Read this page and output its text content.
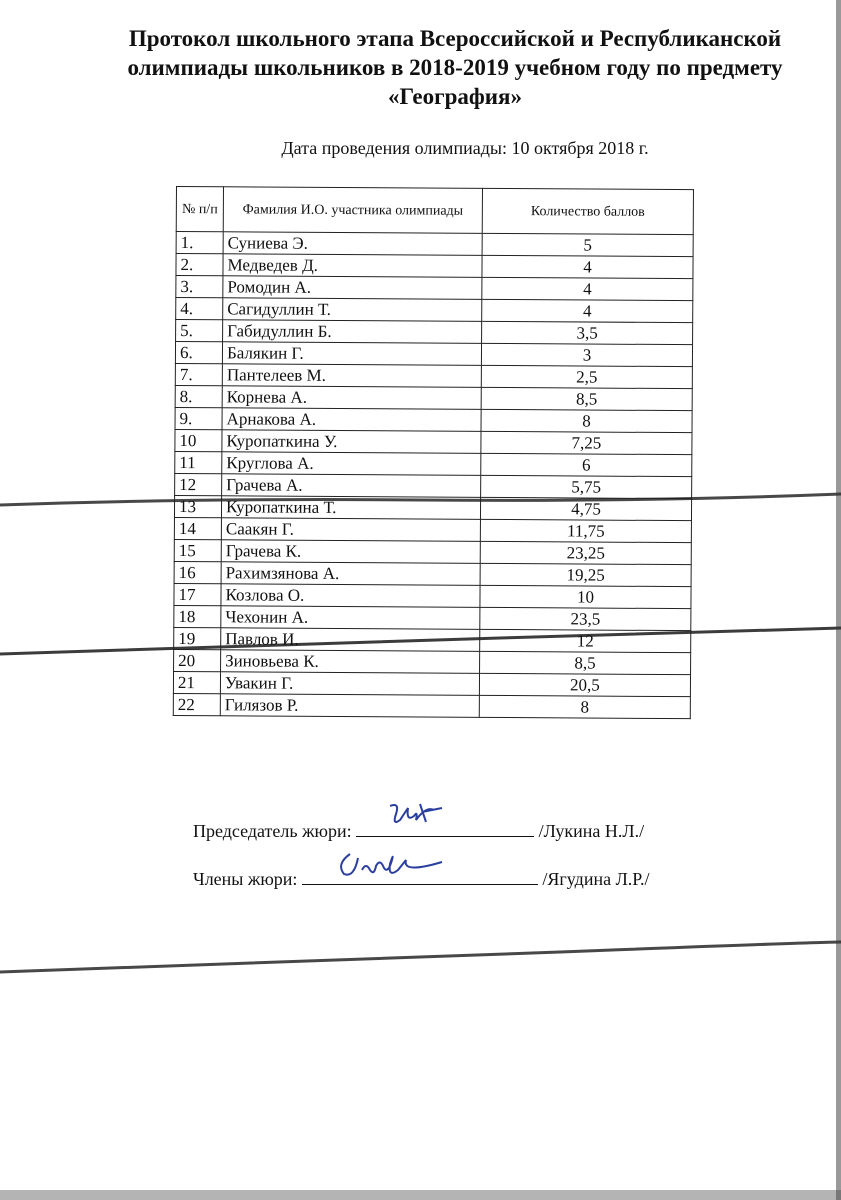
Протокол школьного этапа Всероссийской и Республиканской
олимпиады школьников в 2018-2019 учебном году по предмету
«География»
Дата проведения олимпиады: 10 октября 2018 г.
№ п/п	Фамилия И.О. участника олимпиады	Количество баллов
1.	Суниева Э.	5
2.	Медведев Д.	4
3.	Ромодин А.	4
4.	Сагидуллин Т.	4
5.	Габидуллин Б.	3,5
6.	Балякин Г.	3
7.	Пантелеев М.	2,5
8.	Корнева А.	8,5
9.	Арнакова А.	8
10	Куропаткина У.	7,25
11	Круглова А.	6
12	Грачева А.	5,75
13	Куропаткина Т.	4,75
14	Саакян Г.	11,75
15	Грачева К.	23,25
16	Рахимзянова А.	19,25
17	Козлова О.	10
18	Чехонин А.	23,5
19	Павлов И.	12
20	Зиновьева К.	8,5
21	Увакин Г.	20,5
22	Гилязов Р.	8
Председатель жюри:	/Лукина Н.Л./
Члены жюри:	/Ягудина Л.Р./
